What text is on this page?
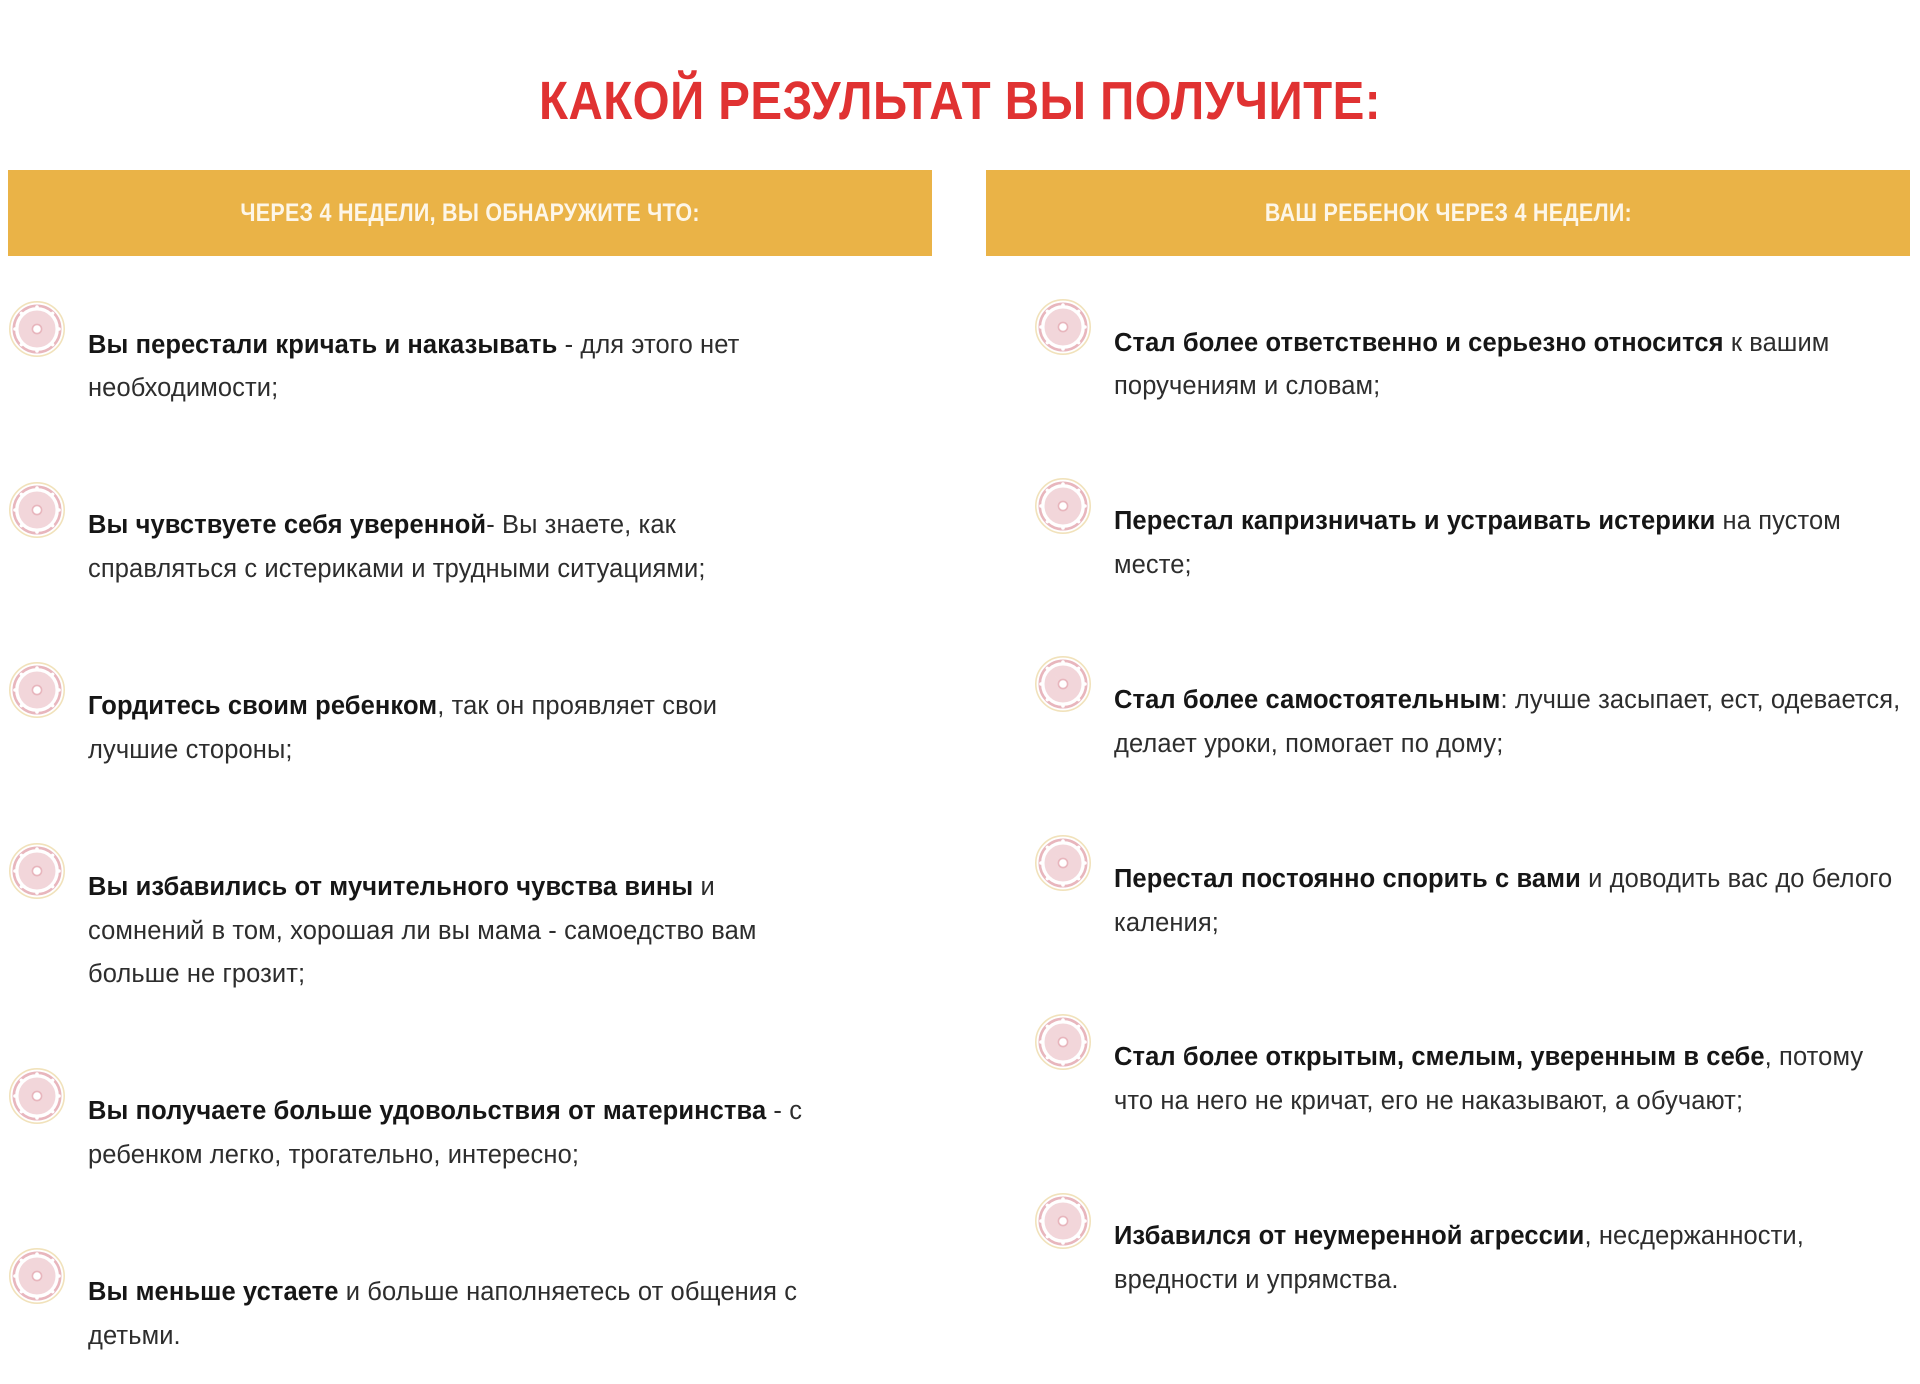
КАКОЙ РЕЗУЛЬТАТ ВЫ ПОЛУЧИТЕ:
ЧЕРЕЗ 4 НЕДЕЛИ, ВЫ ОБНАРУЖИТЕ ЧТО:

Вы перестали кричать и наказывать - для этого нет необходимости;

Вы чувствуете себя уверенной- Вы знаете, как справляться с истериками и трудными ситуациями;

Гордитесь своим ребенком, так он проявляет свои лучшие стороны;

Вы избавились от мучительного чувства вины и сомнений в том, хорошая ли вы мама - самоедство вам больше не грозит;

Вы получаете больше удовольствия от материнства - с ребенком легко, трогательно, интересно;

Вы меньше устаете и больше наполняетесь от общения с детьми.

ВАШ РЕБЕНОК ЧЕРЕЗ 4 НЕДЕЛИ:

Стал более ответственно и серьезно относится к вашим поручениям и словам;

Перестал капризничать и устраивать истерики на пустом месте;

Стал более самостоятельным: лучше засыпает, ест, одевается, делает уроки, помогает по дому;

Перестал постоянно спорить с вами и доводить вас до белого каления;

Стал более открытым, смелым, уверенным в себе, потому что на него не кричат, его не наказывают, а обучают;

Избавился от неумеренной агрессии, несдержанности, вредности и упрямства.
